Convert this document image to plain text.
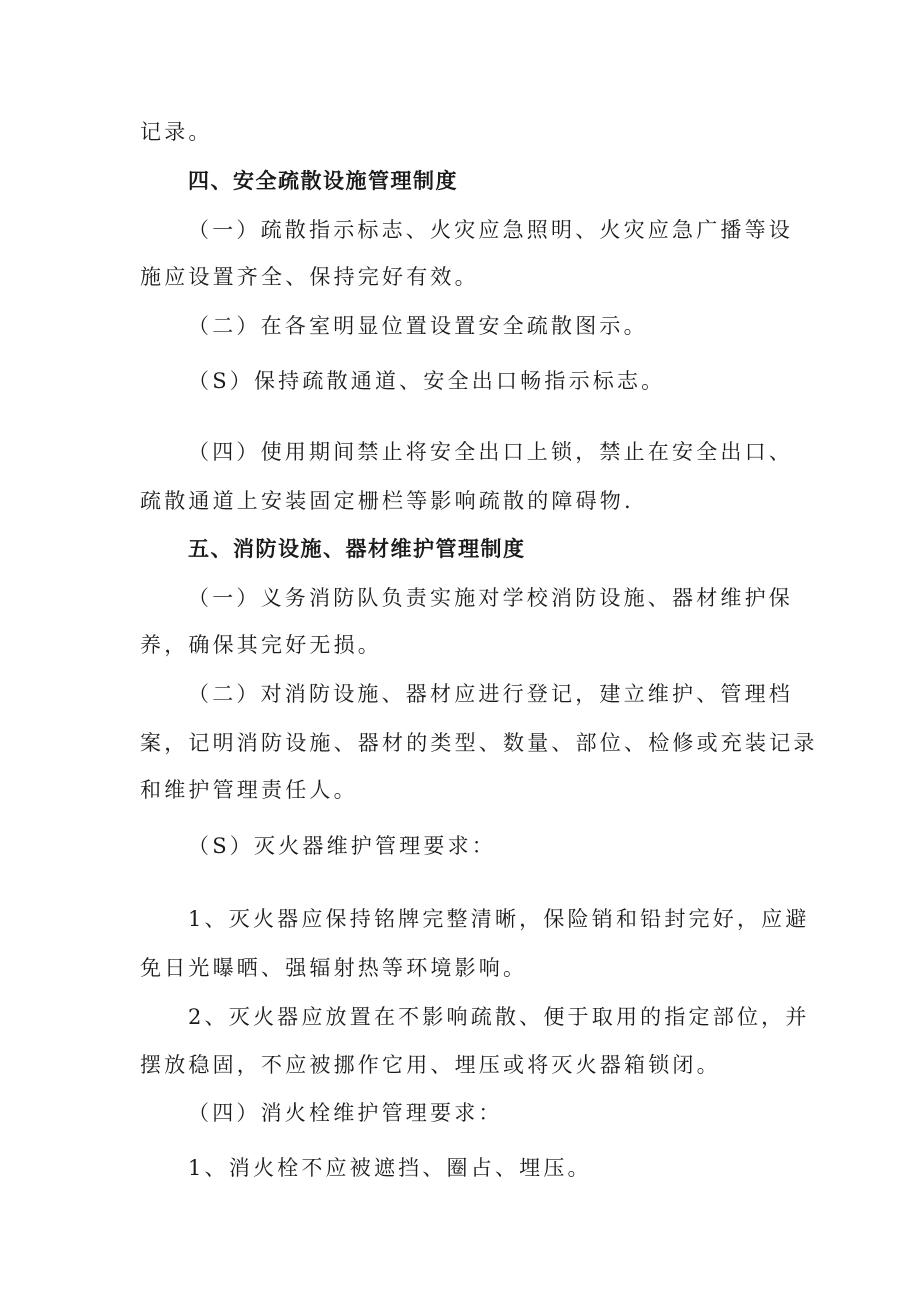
记录。
四、安全疏散设施管理制度
（一）疏散指示标志、火灾应急照明、火灾应急广播等设
施应设置齐全、保持完好有效。
（二）在各室明显位置设置安全疏散图示。
（S）保持疏散通道、安全出口畅指示标志。
（四）使用期间禁止将安全出口上锁，禁止在安全出口、
疏散通道上安装固定栅栏等影响疏散的障碍物.
五、消防设施、器材维护管理制度
（一）义务消防队负责实施对学校消防设施、器材维护保
养，确保其完好无损。
（二）对消防设施、器材应进行登记，建立维护、管理档
案，记明消防设施、器材的类型、数量、部位、检修或充装记录
和维护管理责任人。
（S）灭火器维护管理要求：
1、灭火器应保持铭牌完整清晰，保险销和铅封完好，应避
免日光曝晒、强辐射热等环境影响。
2、灭火器应放置在不影响疏散、便于取用的指定部位，并
摆放稳固，不应被挪作它用、埋压或将灭火器箱锁闭。
（四）消火栓维护管理要求：
1、消火栓不应被遮挡、圈占、埋压。
